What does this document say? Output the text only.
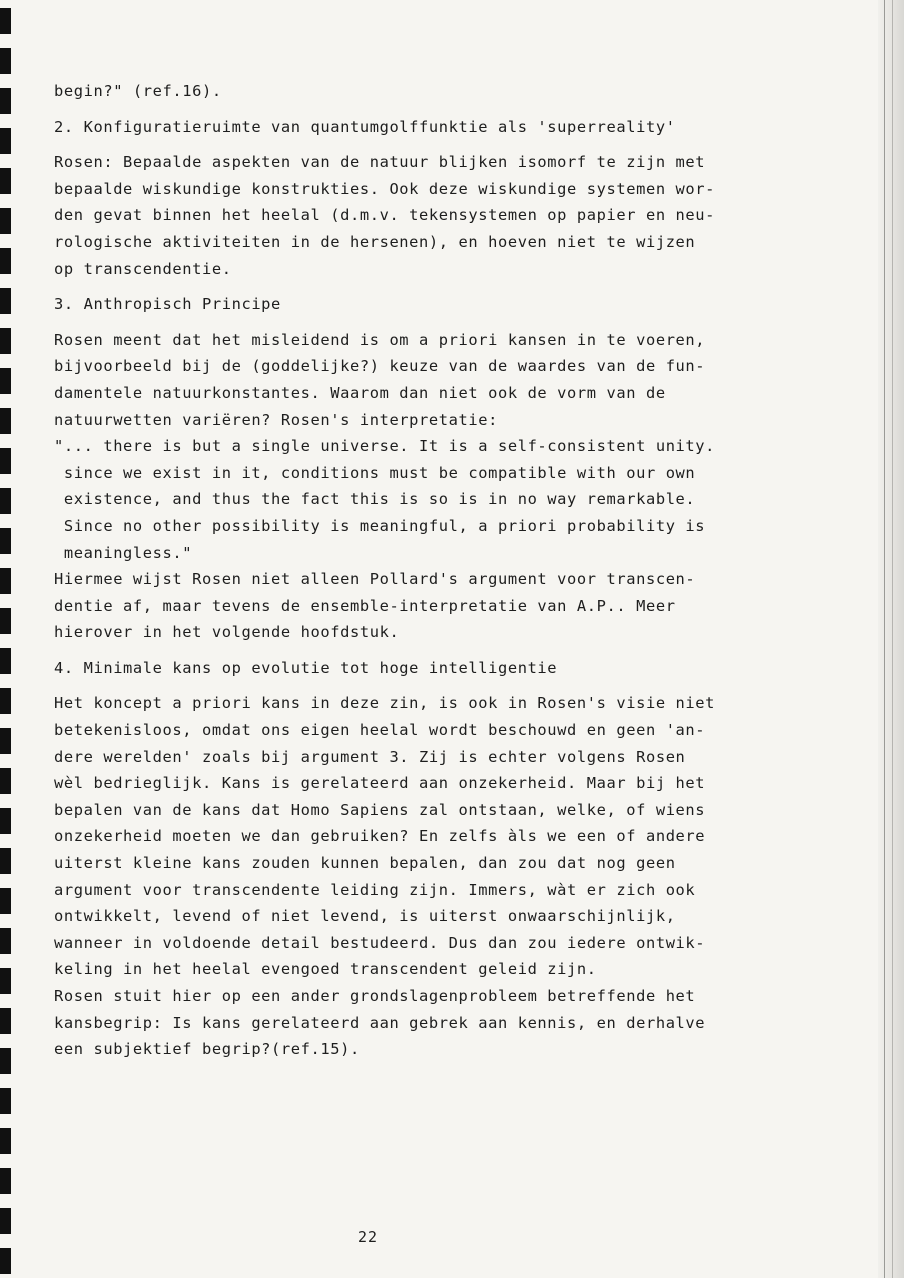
begin?" (ref.16).
2. Konfiguratieruimte van quantumgolffunktie als 'superreality'
Rosen: Bepaalde aspekten van de natuur blijken isomorf te zijn met
bepaalde wiskundige konstrukties. Ook deze wiskundige systemen wor-
den gevat binnen het heelal (d.m.v. tekensystemen op papier en neu-
rologische aktiviteiten in de hersenen), en hoeven niet te wijzen
op transcendentie.
3. Anthropisch Principe
Rosen meent dat het misleidend is om a priori kansen in te voeren,
bijvoorbeeld bij de (goddelijke?) keuze van de waardes van de fun-
damentele natuurkonstantes. Waarom dan niet ook de vorm van de
natuurwetten variëren? Rosen's interpretatie:
"... there is but a single universe. It is a self-consistent unity.
since we exist in it, conditions must be compatible with our own
existence, and thus the fact this is so is in no way remarkable.
Since no other possibility is meaningful, a priori probability is
meaningless."
Hiermee wijst Rosen niet alleen Pollard's argument voor transcen-
dentie af, maar tevens de ensemble-interpretatie van A.P.. Meer
hierover in het volgende hoofdstuk.
4. Minimale kans op evolutie tot hoge intelligentie
Het koncept a priori kans in deze zin, is ook in Rosen's visie niet
betekenisloos, omdat ons eigen heelal wordt beschouwd en geen 'an-
dere werelden' zoals bij argument 3. Zij is echter volgens Rosen
wèl bedrieglijk. Kans is gerelateerd aan onzekerheid. Maar bij het
bepalen van de kans dat Homo Sapiens zal ontstaan, welke, of wiens
onzekerheid moeten we dan gebruiken? En zelfs àls we een of andere
uiterst kleine kans zouden kunnen bepalen, dan zou dat nog geen
argument voor transcendente leiding zijn. Immers, wàt er zich ook
ontwikkelt, levend of niet levend, is uiterst onwaarschijnlijk,
wanneer in voldoende detail bestudeerd. Dus dan zou iedere ontwik-
keling in het heelal evengoed transcendent geleid zijn.
Rosen stuit hier op een ander grondslagenprobleem betreffende het
kansbegrip: Is kans gerelateerd aan gebrek aan kennis, en derhalve
een subjektief begrip?(ref.15).
22
